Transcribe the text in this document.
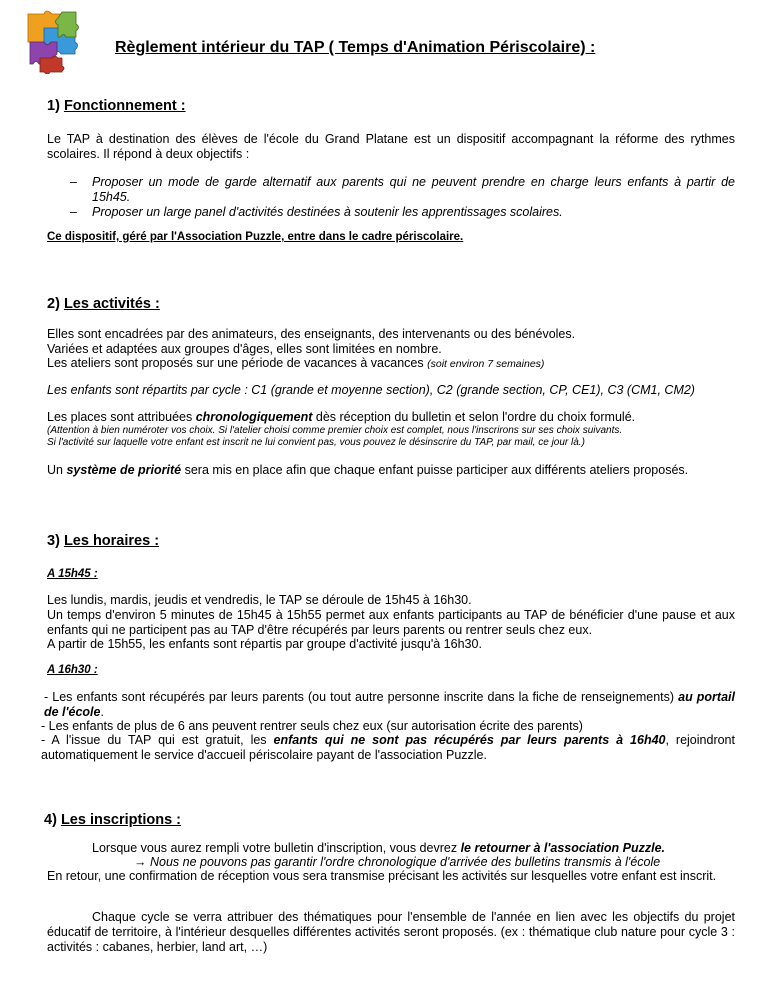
Règlement intérieur du TAP ( Temps d'Animation Périscolaire) :
1) Fonctionnement :
Le TAP à destination des élèves de l'école du Grand Platane est un dispositif accompagnant la réforme des rythmes scolaires. Il répond à deux objectifs :
– Proposer un mode de garde alternatif aux parents qui ne peuvent prendre en charge leurs enfants à partir de 15h45.
– Proposer un large panel d'activités destinées à soutenir les apprentissages scolaires.
Ce dispositif, géré par l'Association Puzzle, entre dans le cadre périscolaire.
2) Les activités :
Elles sont encadrées par des animateurs, des enseignants, des intervenants ou des bénévoles.
Variées et adaptées aux groupes d'âges, elles sont limitées en nombre.
Les ateliers sont proposés sur une période de vacances à vacances (soit environ 7 semaines)
Les enfants sont répartits par cycle : C1 (grande et moyenne section), C2 (grande section, CP, CE1), C3 (CM1, CM2)
Les places sont attribuées chronologiquement dès réception du bulletin et selon l'ordre du choix formulé.
(Attention à bien numéroter vos choix. Si l'atelier choisi comme premier choix est complet, nous l'inscrirons sur ses choix suivants.
Si l'activité sur laquelle votre enfant est inscrit ne lui convient pas, vous pouvez le désinscrire du TAP, par mail, ce jour là.)
Un système de priorité sera mis en place afin que chaque enfant puisse participer aux différents ateliers proposés.
3) Les horaires :
A 15h45 :
Les lundis, mardis, jeudis et vendredis, le TAP se déroule de 15h45 à 16h30.
Un temps d'environ 5 minutes de 15h45 à 15h55 permet aux enfants participants au TAP de bénéficier d'une pause et aux enfants qui ne participent pas au TAP d'être récupérés par leurs parents ou rentrer seuls chez eux.
A partir de 15h55, les enfants sont répartis par groupe d'activité jusqu'à 16h30.
A 16h30 :
- Les enfants sont récupérés par leurs parents (ou tout autre personne inscrite dans la fiche de renseignements) au portail de l'école.
- Les enfants de plus de 6 ans peuvent rentrer seuls chez eux (sur autorisation écrite des parents)
- A l'issue du TAP qui est gratuit, les enfants qui ne sont pas récupérés par leurs parents à 16h40, rejoindront automatiquement le service d'accueil périscolaire payant de l'association Puzzle.
4) Les inscriptions :
Lorsque vous aurez rempli votre bulletin d'inscription, vous devrez le retourner à l'association Puzzle.
→ Nous ne pouvons pas garantir l'ordre chronologique d'arrivée des bulletins transmis à l'école
En retour, une confirmation de réception vous sera transmise précisant les activités sur lesquelles votre enfant est inscrit.
Chaque cycle se verra attribuer des thématiques pour l'ensemble de l'année en lien avec les objectifs du projet éducatif de territoire, à l'intérieur desquelles différentes activités seront proposés. (ex : thématique club nature pour cycle 3 : activités : cabanes, herbier, land art, …)
